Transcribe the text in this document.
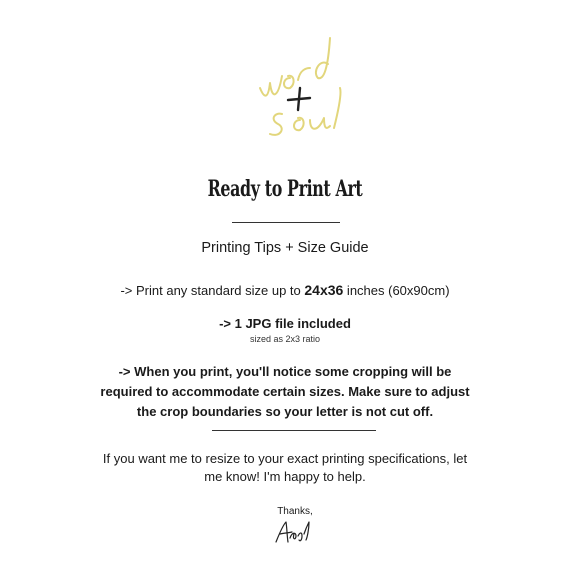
Ready to Print Art
Printing Tips + Size Guide
-> Print any standard size up to 24x36 inches (60x90cm)
-> 1 JPG file included
sized as 2x3 ratio
-> When you print, you'll notice some cropping will be required to accommodate certain sizes. Make sure to adjust the crop boundaries so your letter is not cut off.
If you want me to resize to your exact printing specifications, let me know! I'm happy to help.
Thanks,
